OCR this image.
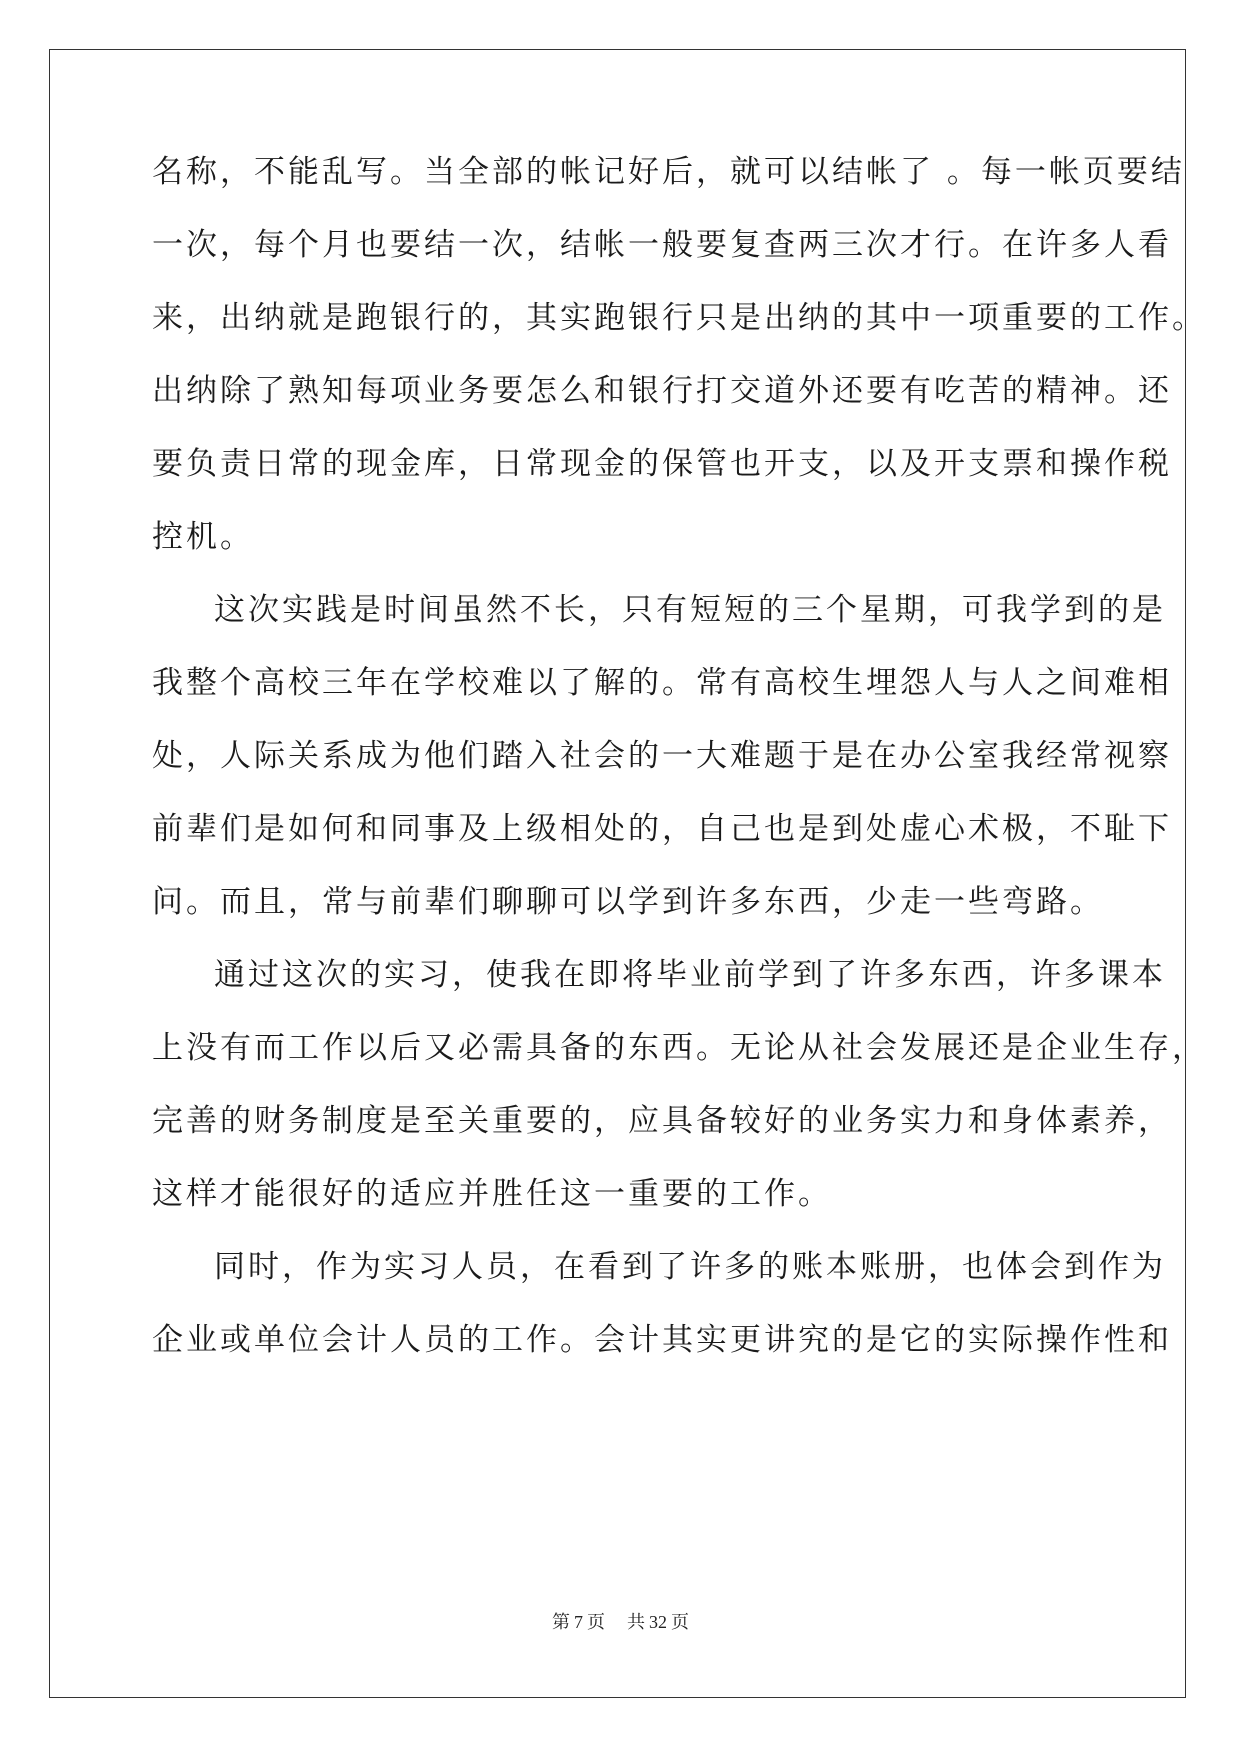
名称，不能乱写。当全部的帐记好后，就可以结帐了 。每一帐页要结
一次，每个月也要结一次，结帐一般要复查两三次才行。在许多人看
来，出纳就是跑银行的，其实跑银行只是出纳的其中一项重要的工作。
出纳除了熟知每项业务要怎么和银行打交道外还要有吃苦的精神。还
要负责日常的现金库，日常现金的保管也开支，以及开支票和操作税
控机。
这次实践是时间虽然不长，只有短短的三个星期，可我学到的是
我整个高校三年在学校难以了解的。常有高校生埋怨人与人之间难相
处，人际关系成为他们踏入社会的一大难题于是在办公室我经常视察
前辈们是如何和同事及上级相处的，自己也是到处虚心术极，不耻下
问。而且，常与前辈们聊聊可以学到许多东西，少走一些弯路。
通过这次的实习，使我在即将毕业前学到了许多东西，许多课本
上没有而工作以后又必需具备的东西。无论从社会发展还是企业生存，
完善的财务制度是至关重要的，应具备较好的业务实力和身体素养，
这样才能很好的适应并胜任这一重要的工作。
同时，作为实习人员，在看到了许多的账本账册，也体会到作为
企业或单位会计人员的工作。会计其实更讲究的是它的实际操作性和
第 7 页 共 32 页
